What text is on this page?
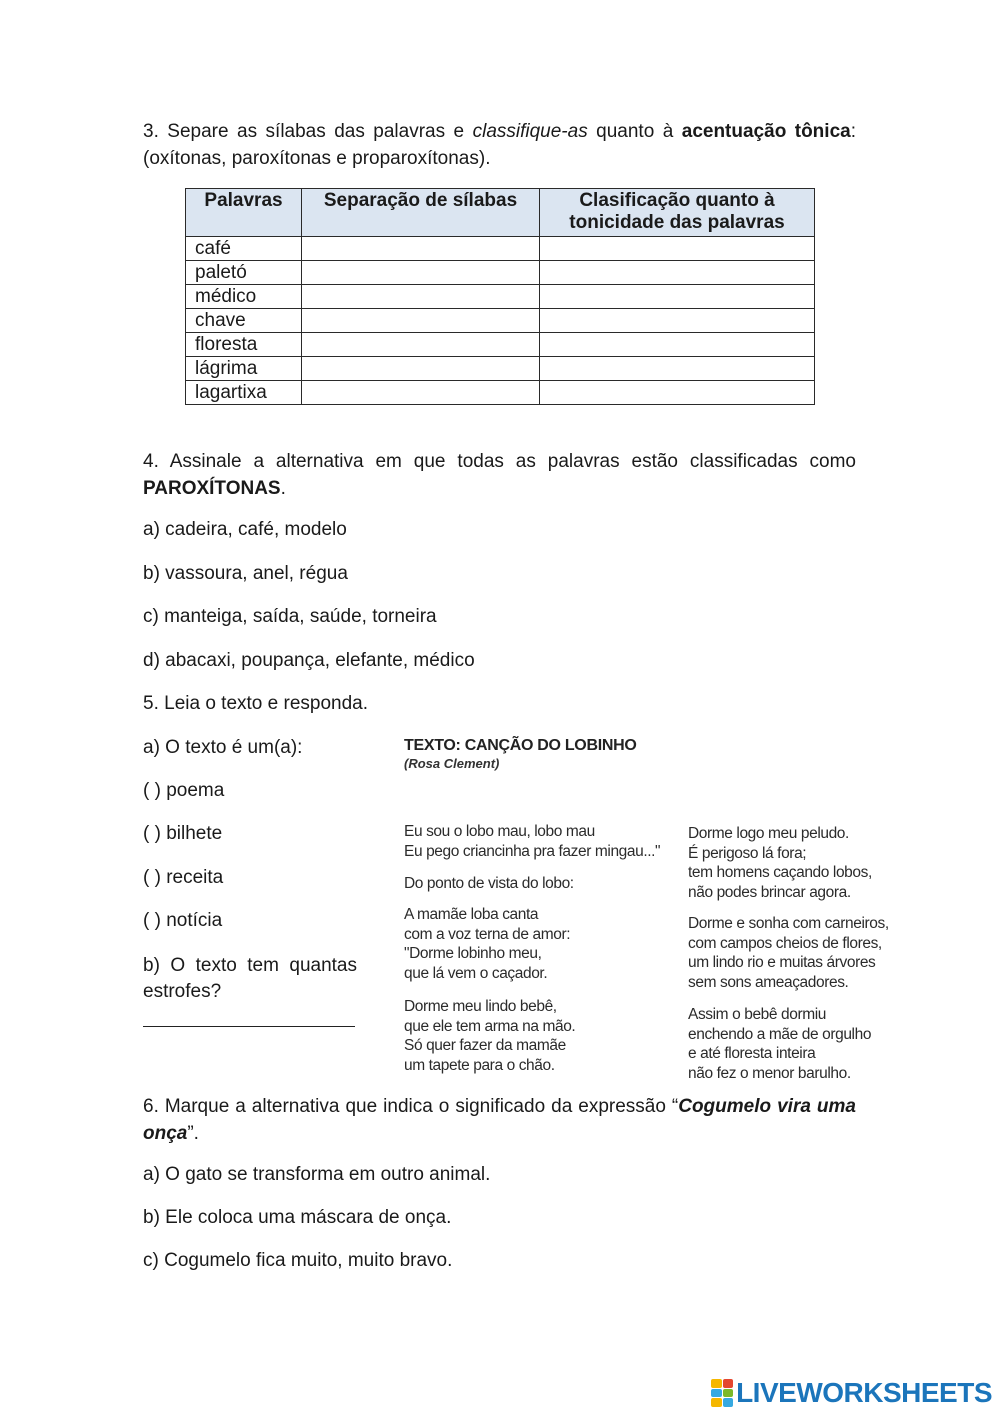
3. Separe as sílabas das palavras e classifique-as quanto à acentuação tônica: (oxítonas, paroxítonas e proparoxítonas).
Palavras	Separação de sílabas	Clasificação quanto à tonicidade das palavras
café		
paletó		
médico		
chave		
floresta		
lágrima		
lagartixa		
4. Assinale a alternativa em que todas as palavras estão classificadas como PAROXÍTONAS.
a) cadeira, café, modelo
b) vassoura, anel, régua
c) manteiga, saída, saúde, torneira
d) abacaxi, poupança, elefante, médico
5. Leia o texto e responda.
a) O texto é um(a):
( ) poema
( ) bilhete
( ) receita
( ) notícia
b) O texto tem quantas estrofes?
TEXTO: CANÇÃO DO LOBINHO
(Rosa Clement)

Eu sou o lobo mau, lobo mau
Eu pego criancinha pra fazer mingau..."

Do ponto de vista do lobo:

A mamãe loba canta
com a voz terna de amor:
"Dorme lobinho meu,
que lá vem o caçador.

Dorme meu lindo bebê,
que ele tem arma na mão.
Só quer fazer da mamãe
um tapete para o chão.

Dorme logo meu peludo.
É perigoso lá fora;
tem homens caçando lobos,
não podes brincar agora.

Dorme e sonha com carneiros,
com campos cheios de flores,
um lindo rio e muitas árvores
sem sons ameaçadores.

Assim o bebê dormiu
enchendo a mãe de orgulho
e até floresta inteira
não fez o menor barulho.

6. Marque a alternativa que indica o significado da expressão “Cogumelo vira uma onça”.
a) O gato se transforma em outro animal.
b) Ele coloca uma máscara de onça.
c) Cogumelo fica muito, muito bravo.
LIVEWORKSHEETS
